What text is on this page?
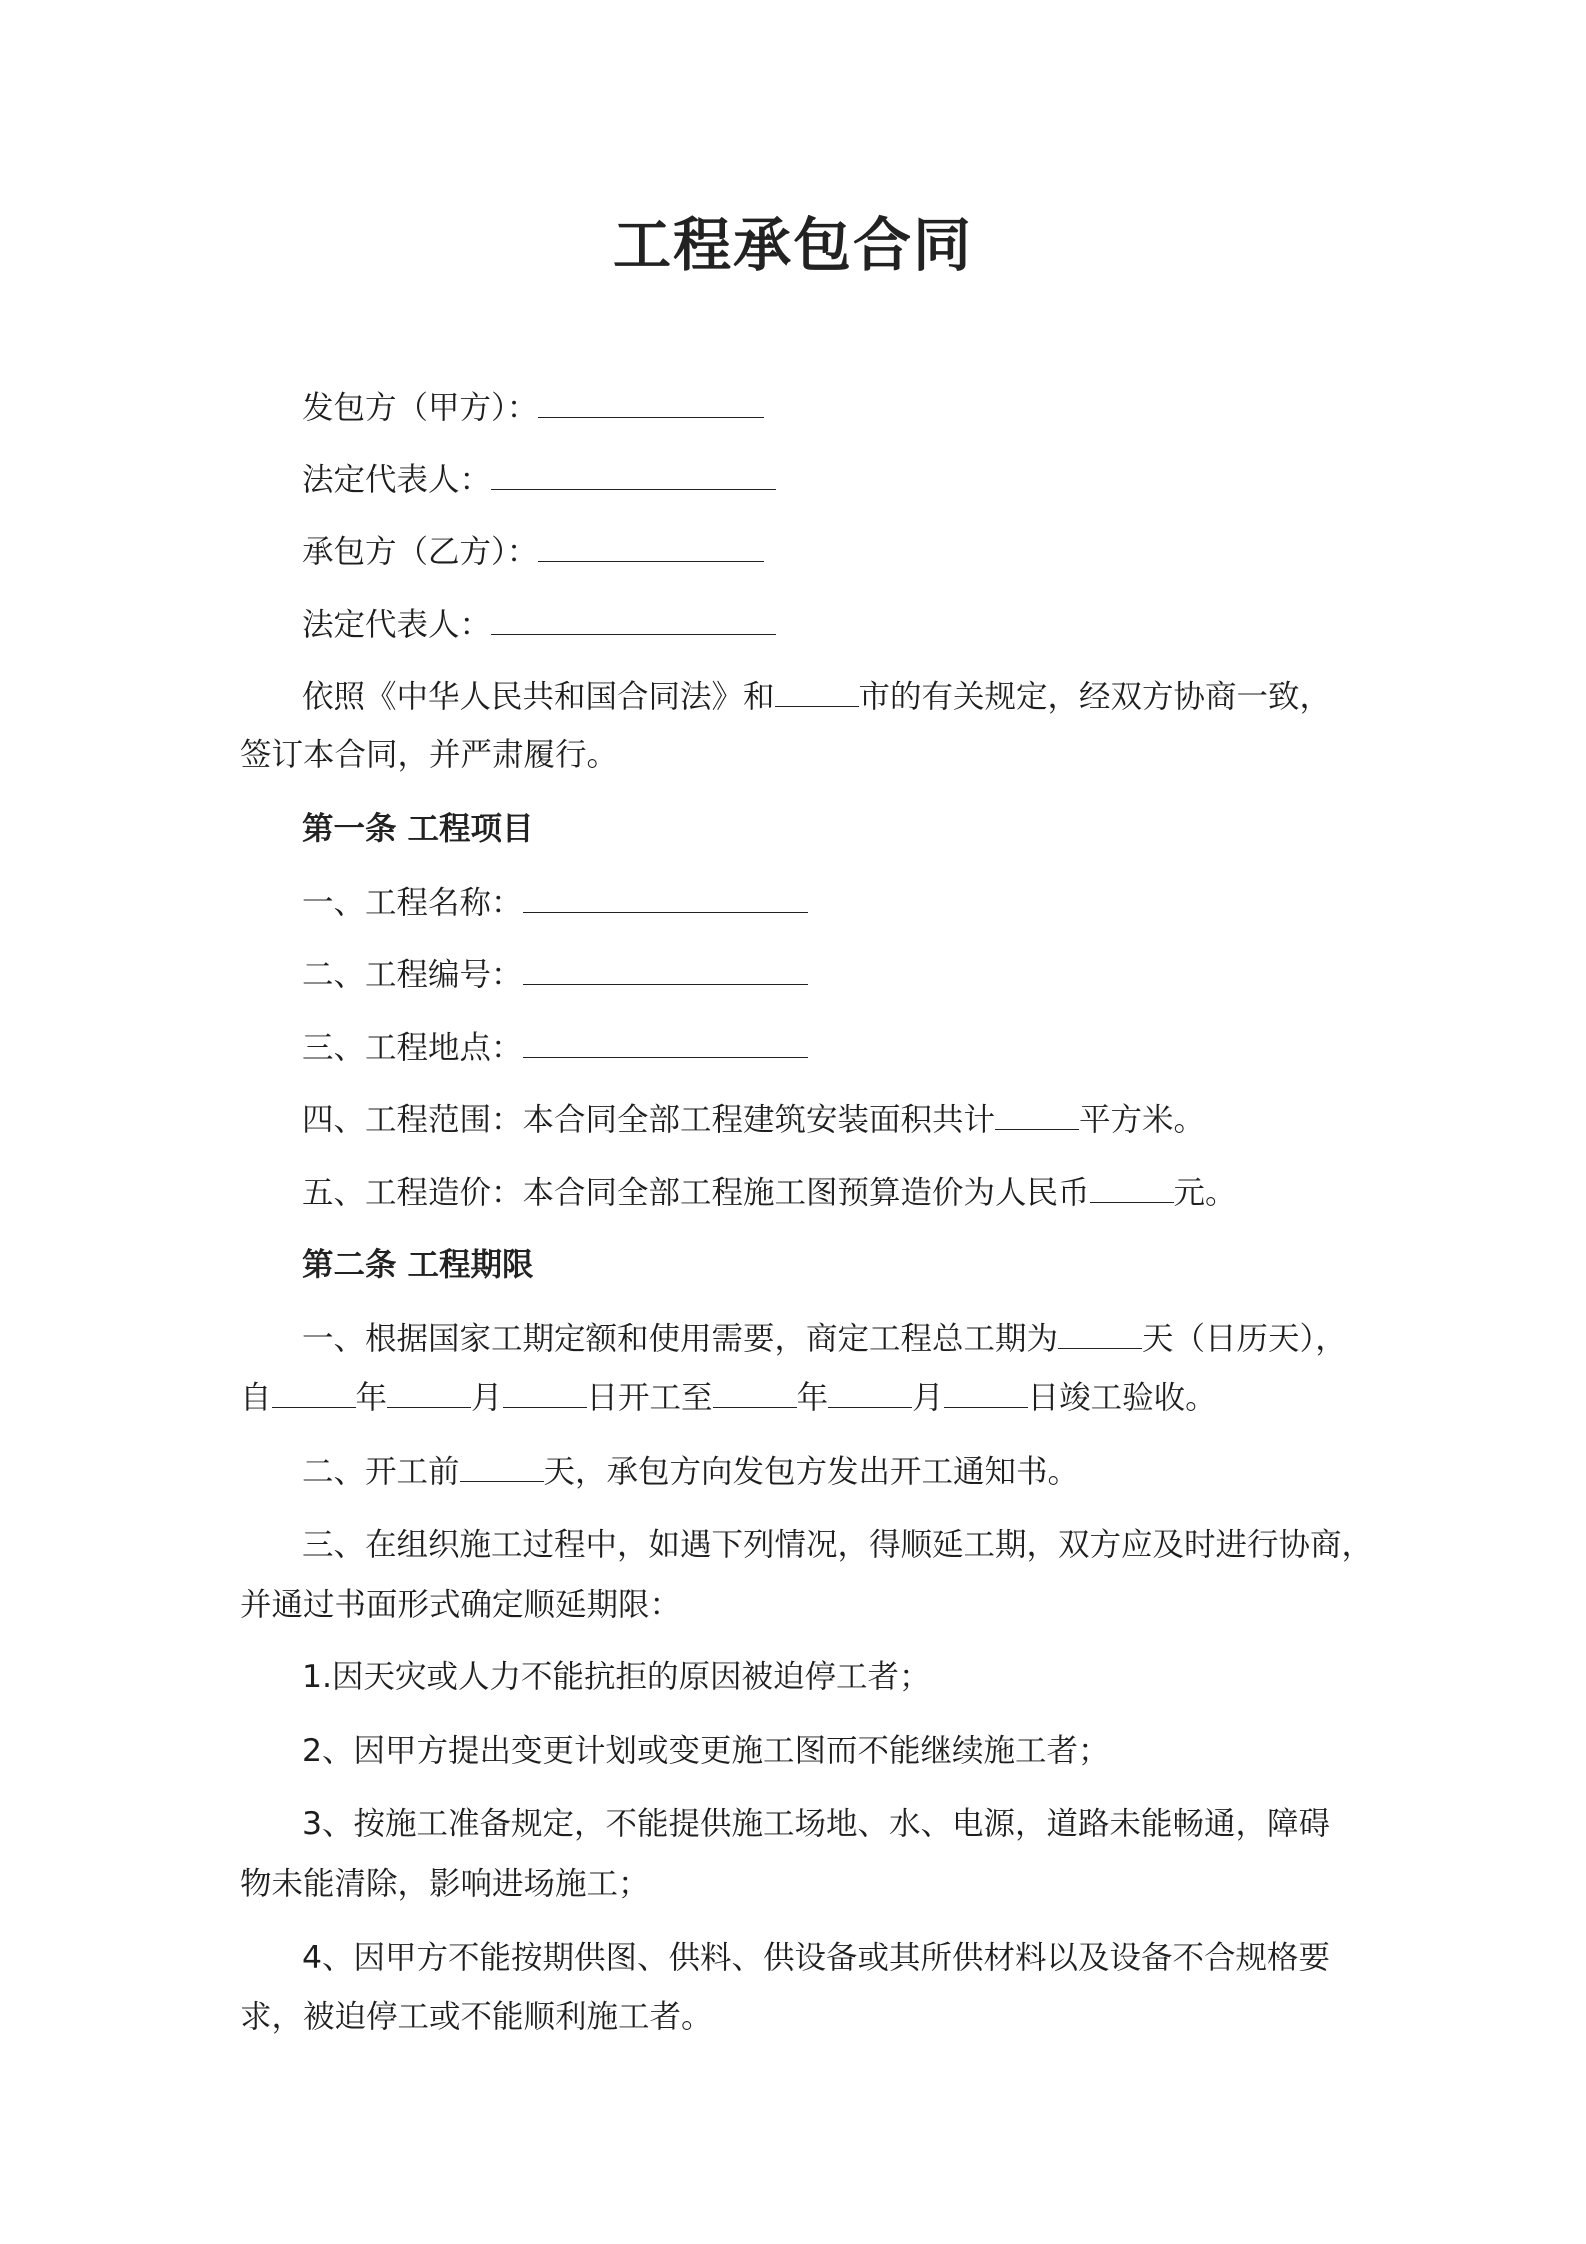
工程承包合同
发包方（甲方）：
法定代表人：
承包方（乙方）：
法定代表人：
依照《中华人民共和国合同法》和	市的有关规定，经双方协商一致，
签订本合同，并严肃履行。
第一条 工程项目
一、工程名称：
二、工程编号：
三、工程地点：
四、工程范围：本合同全部工程建筑安装面积共计	平方米。
五、工程造价：本合同全部工程施工图预算造价为人民币	元。
第二条 工程期限
一、根据国家工期定额和使用需要，商定工程总工期为	天（日历天），
自	年	月	日开工至	年	月	日竣工验收。
二、开工前	天，承包方向发包方发出开工通知书。
三、在组织施工过程中，如遇下列情况，得顺延工期，双方应及时进行协商，
并通过书面形式确定顺延期限：
1.因天灾或人力不能抗拒的原因被迫停工者；
2、因甲方提出变更计划或变更施工图而不能继续施工者；
3、按施工准备规定，不能提供施工场地、水、电源，道路未能畅通，障碍
物未能清除，影响进场施工；
4、因甲方不能按期供图、供料、供设备或其所供材料以及设备不合规格要
求，被迫停工或不能顺利施工者。
